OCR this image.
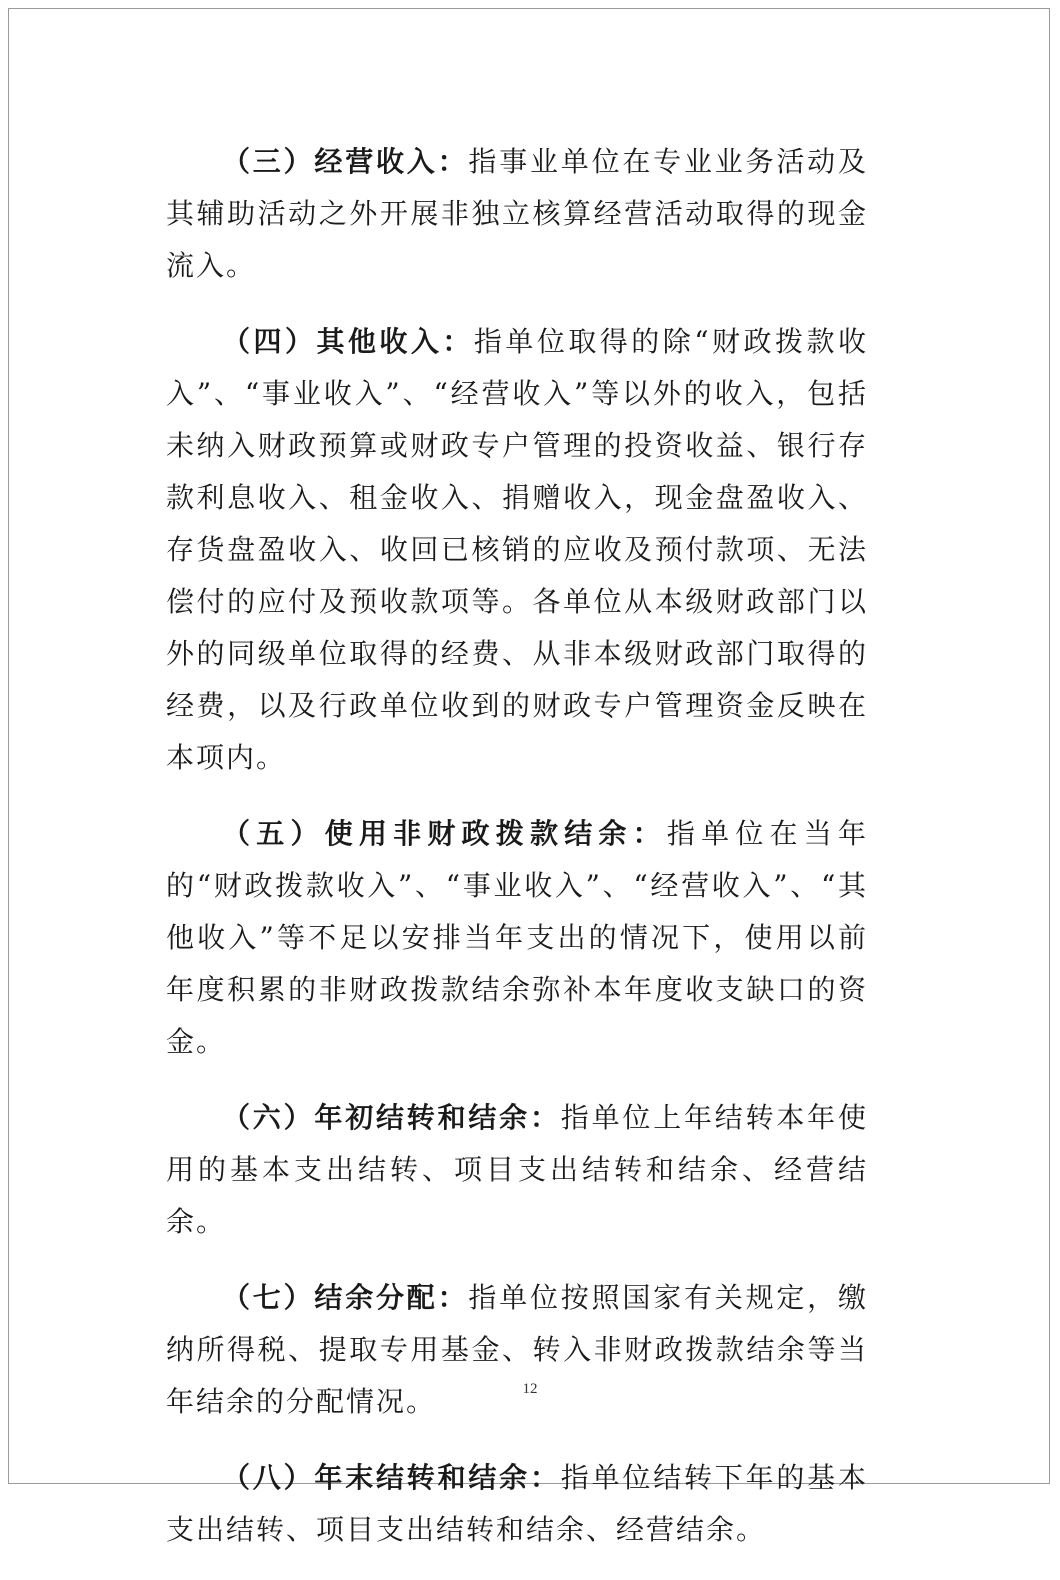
（三）经营收入：指事业单位在专业业务活动及其辅助活动之外开展非独立核算经营活动取得的现金流入。

（四）其他收入：指单位取得的除“财政拨款收入”、“事业收入”、“经营收入”等以外的收入，包括未纳入财政预算或财政专户管理的投资收益、银行存款利息收入、租金收入、捐赠收入，现金盘盈收入、存货盘盈收入、收回已核销的应收及预付款项、无法偿付的应付及预收款项等。各单位从本级财政部门以外的同级单位取得的经费、从非本级财政部门取得的经费，以及行政单位收到的财政专户管理资金反映在本项内。

（五）使用非财政拨款结余：指单位在当年的“财政拨款收入”、“事业收入”、“经营收入”、“其他收入”等不足以安排当年支出的情况下，使用以前年度积累的非财政拨款结余弥补本年度收支缺口的资金。

（六）年初结转和结余：指单位上年结转本年使用的基本支出结转、项目支出结转和结余、经营结余。

（七）结余分配：指单位按照国家有关规定，缴纳所得税、提取专用基金、转入非财政拨款结余等当年结余的分配情况。

（八）年末结转和结余：指单位结转下年的基本支出结转、项目支出结转和结余、经营结余。

12
